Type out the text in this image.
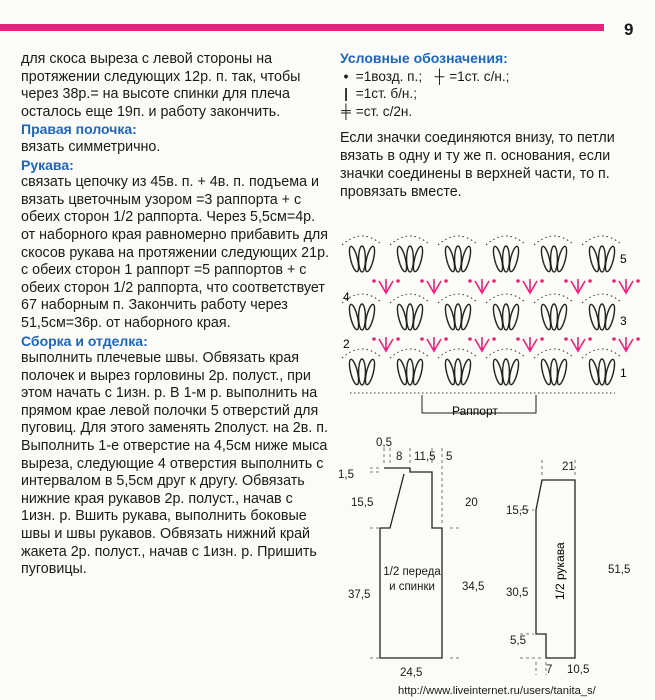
9

для скоса выреза с левой стороны на протяжении следующих 12р. п. так, чтобы через 38р.= на высоте спинки для плеча осталось еще 19п. и работу закончить.

Правая полочка:

вязать симметрично.

Рукава:

связать цепочку из 45в. п. + 4в. п. подъема и вязать цветочным узором =3 раппорта + с обеих сторон 1/2 раппорта. Через 5,5см=4р. от наборного края равномерно прибавить для скосов рукава на протяжении следующих 21р. с обеих сторон 1 раппорт =5 раппортов + с обеих сторон 1/2 раппорта, что соответствует 67 наборным п. Закончить работу через 51,5см=36р. от наборного края.

Сборка и отделка:

выполнить плечевые швы. Обвязать края полочек и вырез горловины 2р. полуст., при этом начать с 1изн. р. В 1-м р. выполнить на прямом крае левой полочки 5 отверстий для пуговиц. Для этого заменять 2полуст. на 2в. п. Выполнить 1-е отверстие на 4,5см ниже мыса выреза, следующие 4 отверстия выполнить с интервалом в 5,5см друг к другу. Обвязать нижние края рукавов 2р. полуст., начав с 1изн. р. Вшить рукава, выполнить боковые швы и швы рукавов. Обвязать нижний край жакета 2р. полуст., начав с 1изн. р. Пришить пуговицы.

Условные обозначения:
• =1возд. п.; ┼ =1ст. с/н.;
| =1ст. б/н.;
╪ =ст. с/2н.
Если значки соединяются внизу, то петли вязать в одну и ту же п. основания, если значки соединены в верхней части, то п. провязать вместе.
5
3
1
4
2
Раппорт
0,5
8 11,5 5
1,5
15,5
37,5
20
34,5
24,5
21
15,5
30,5
5,5
51,5
7 10,5
1/2 переда и спинки	1/2 рукава
http://www.liveinternet.ru/users/tanita_s/
